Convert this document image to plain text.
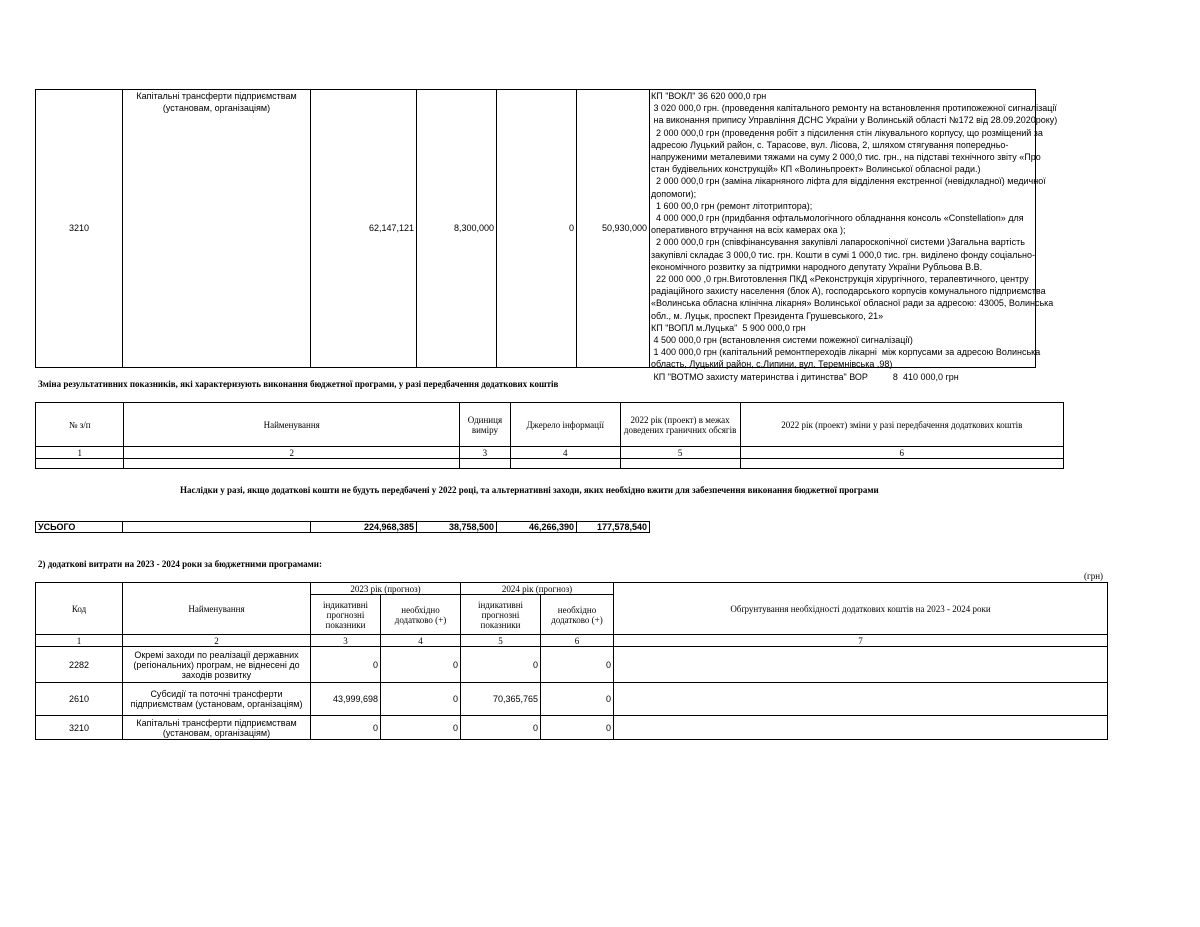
3210	Капітальні трансферти підприємствам (установам, організаціям)	62,147,121	8,300,000	0	50,930,000	
КП "ВОКЛ" 36 620 000,0 грн
3 020 000,0 грн. (проведення капітального ремонту на встановлення протипожежної сигналізації
на виконання припису Управління ДСНС України у Волинській області №172 від 28.09.2020року)
2 000 000,0 грн (проведення робіт з підсилення стін лікувального корпусу, що розміщений за
адресою Луцький район, с. Тарасове, вул. Лісова, 2, шляхом стягування попередньо-
напруженими металевими тяжами на суму 2 000,0 тис. грн., на підставі технічного звіту «Про
стан будівельних конструкцій» КП «Волиньпроект» Волинської обласної ради.)
2 000 000,0 грн (заміна лікарняного ліфта для відділення екстренної (невідкладної) медичної
допомоги);
1 600 00,0 грн (ремонт літотриптора);
4 000 000,0 грн (придбання офтальмологічного обладнання консоль «Constellation» для
оперативного втручання на всіх камерах ока );
2 000 000,0 грн (співфінансування закупівлі лапароскопічної системи )Загальна вартість
закупівлі складає 3 000,0 тис. грн. Кошти в сумі 1 000,0 тис. грн. виділено фонду соціально-
економічного розвитку за підтримки народного депутату України Рубльова В.В.
22 000 000 ,0 грн.Виготовлення ПКД «Реконструкція хірургічного, терапевтичного, центру
радіаційного захисту населення (блок А), господарського корпусів комунального підприємства
«Волинська обласна клінічна лікарня» Волинської обласної ради за адресою: 43005, Волинська
обл., м. Луцьк, проспект Президента Грушевського, 21»
КП "ВОПЛ м.Луцька"  5 900 000,0 грн
4 500 000,0 грн (встановлення системи пожежної сигналізації)
1 400 000,0 грн (капітальний ремонтпереходів лікарні  між корпусами за адресою Волинська
область, Луцький район, с.Липини, вул. Теремнівська ,98)
КП "ВОТМО захисту материнства і дитинства" ВОР          8  410 000,0 грн
Зміна результативних показників, які характеризують виконання бюджетної програми, у разі передбачення додаткових коштів
№ з/п	Найменування	Одиниця виміру	Джерело інформації	2022 рік (проект) в межах доведених граничних обсягів	2022 рік (проект) зміни у разі передбачення додаткових коштів
1	2	3	4	5	6

Наслідки у разі, якщо додаткові кошти не будуть передбачені у 2022 році, та альтернативні заходи, яких необхідно вжити для забезпечення виконання бюджетної програми
УСЬОГО		224,968,385	38,758,500	46,266,390	177,578,540
2) додаткові витрати на 2023 - 2024 роки за бюджетними програмами:
(грн)
Код	Найменування	2023 рік (прогноз)		2024 рік (прогноз)		Обґрунтування необхідності додаткових коштів на 2023 - 2024 роки
		індикативні прогнозні показники	необхідно додатково (+)	індикативні прогнозні показники	необхідно додатково (+)	
1	2	3	4	5	6	7
2282	Окремі заходи по реалізації державних (регіональних) програм, не віднесені до заходів розвитку	0	0	0	0	
2610	Субсидії та поточні трансферти підприємствам (установам, організаціям)	43,999,698	0	70,365,765	0	
3210	Капітальні трансферти підприємствам (установам, організаціям)	0	0	0	0	
